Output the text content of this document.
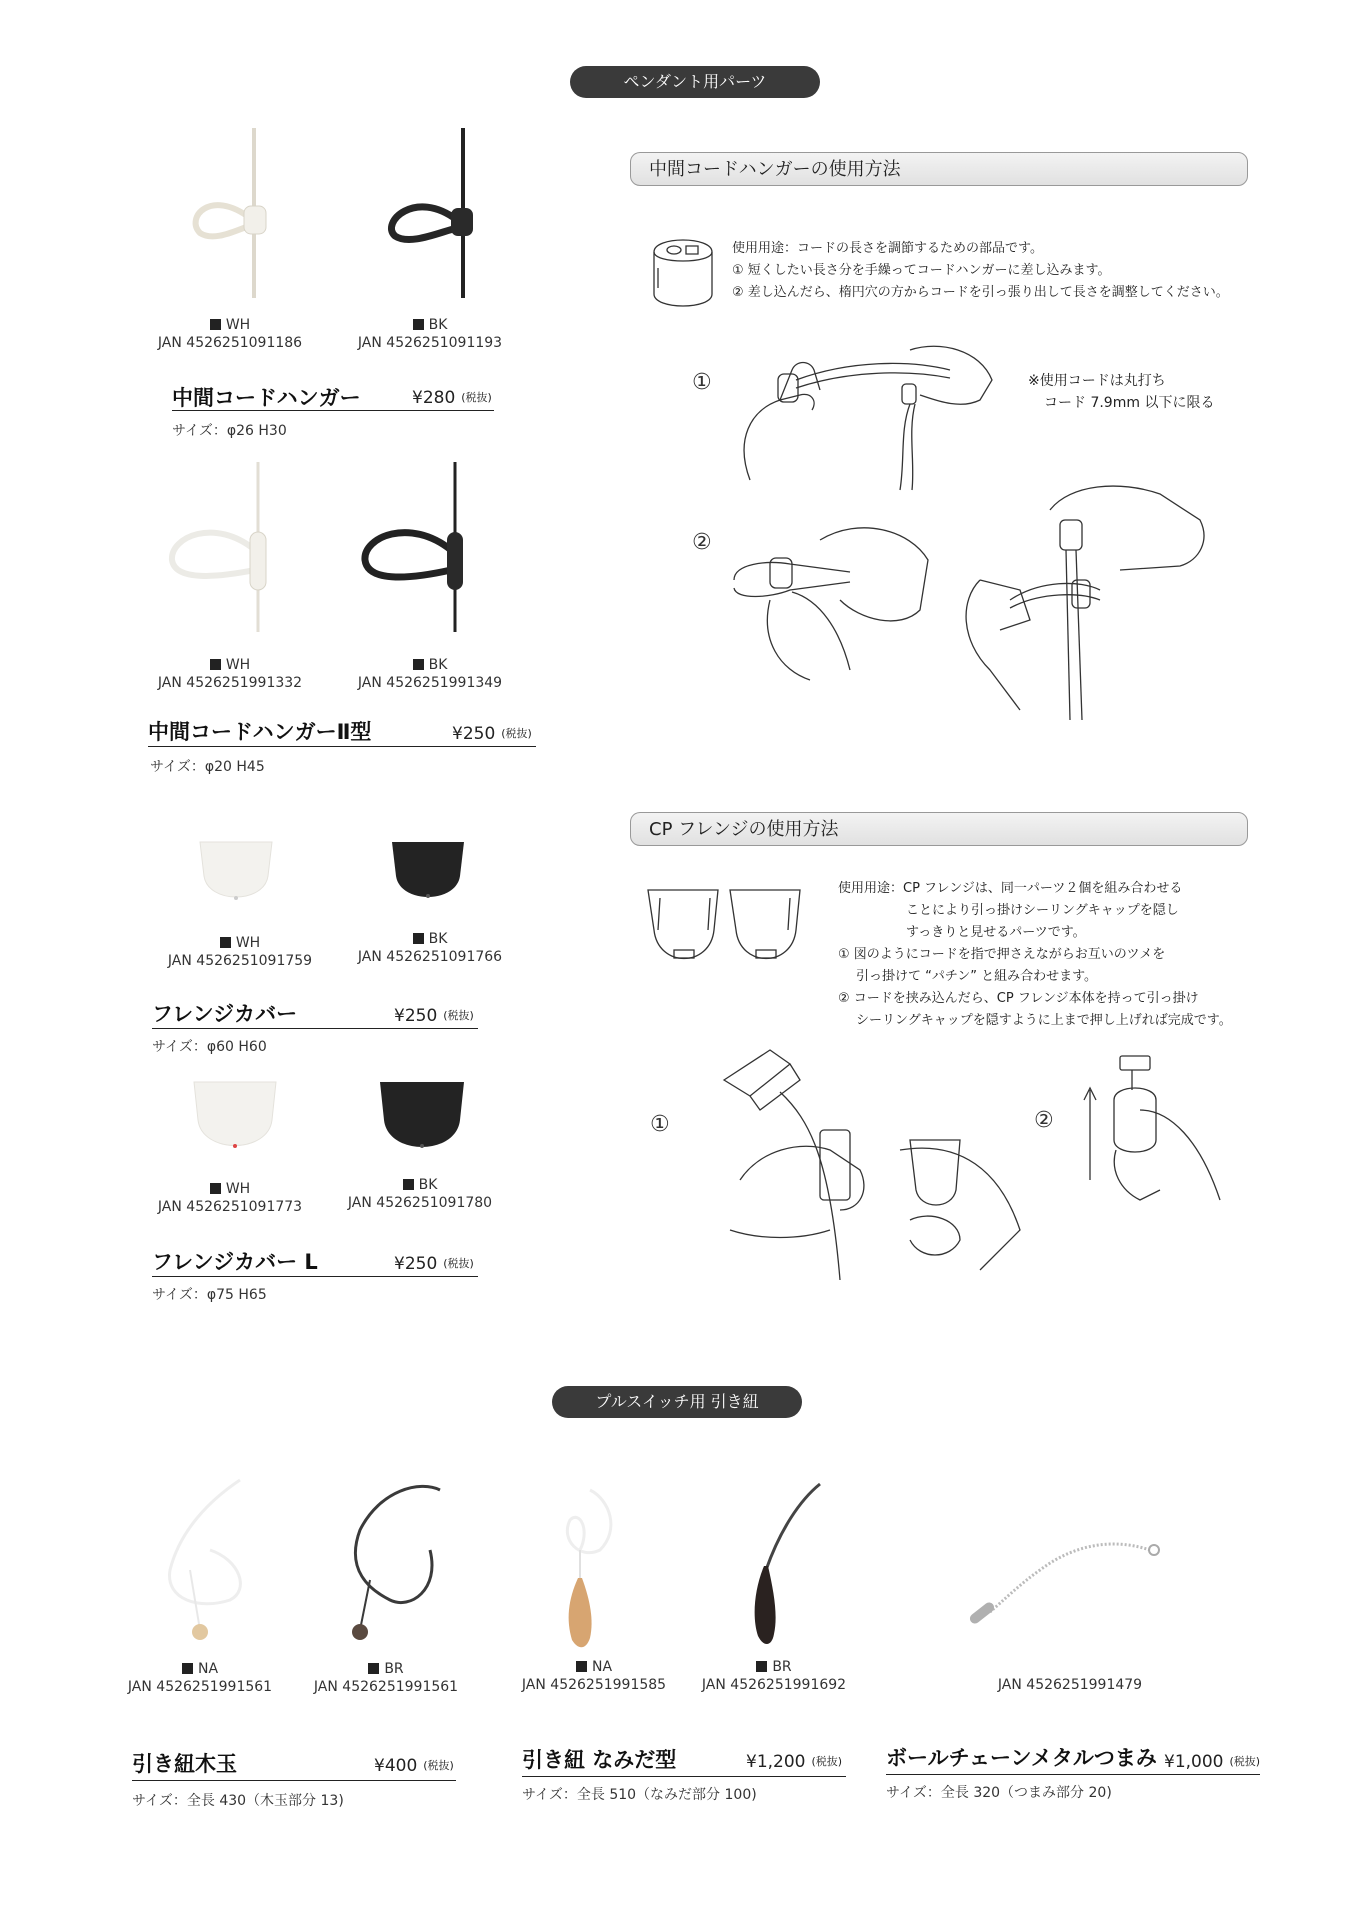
ペンダント用パーツ
WH
JAN 4526251091186
BK
JAN 4526251091193
中間コードハンガー	¥280 (税抜)
サイズ：φ26 H30
WH
JAN 4526251991332
BK
JAN 4526251991349
中間コードハンガーⅡ型	¥250 (税抜)
サイズ：φ20 H45
WH
JAN 4526251091759
BK
JAN 4526251091766
フレンジカバー	¥250 (税抜)
サイズ：φ60 H60
WH
JAN 4526251091773
BK
JAN 4526251091780
フレンジカバー L	¥250 (税抜)
サイズ：φ75 H65
中間コードハンガーの使用方法
使用用途：コードの長さを調節するための部品です。
① 短くしたい長さ分を手繰ってコードハンガーに差し込みます。
② 差し込んだら、楕円穴の方からコードを引っ張り出して長さを調整してください。
①	※使用コードは丸打ち
コード 7.9mm 以下に限る
②
CP フレンジの使用方法
使用用途：CP フレンジは、同一パーツ２個を組み合わせる
ことにより引っ掛けシーリングキャップを隠し
すっきりと見せるパーツです。
① 図のようにコードを指で押さえながらお互いのツメを
引っ掛けて “パチン” と組み合わせます。
② コードを挟み込んだら、CP フレンジ本体を持って引っ掛け
シーリングキャップを隠すように上まで押し上げれば完成です。
①	②
プルスイッチ用 引き紐
NA
JAN 4526251991561
BR
JAN 4526251991561
NA
JAN 4526251991585
BR
JAN 4526251991692	JAN 4526251991479
引き紐木玉	¥400 (税抜)
サイズ：全長 430（木玉部分 13)
引き紐 なみだ型	¥1,200 (税抜)
サイズ：全長 510（なみだ部分 100)
ボールチェーンメタルつまみ ¥1,000 (税抜)
サイズ：全長 320（つまみ部分 20)
